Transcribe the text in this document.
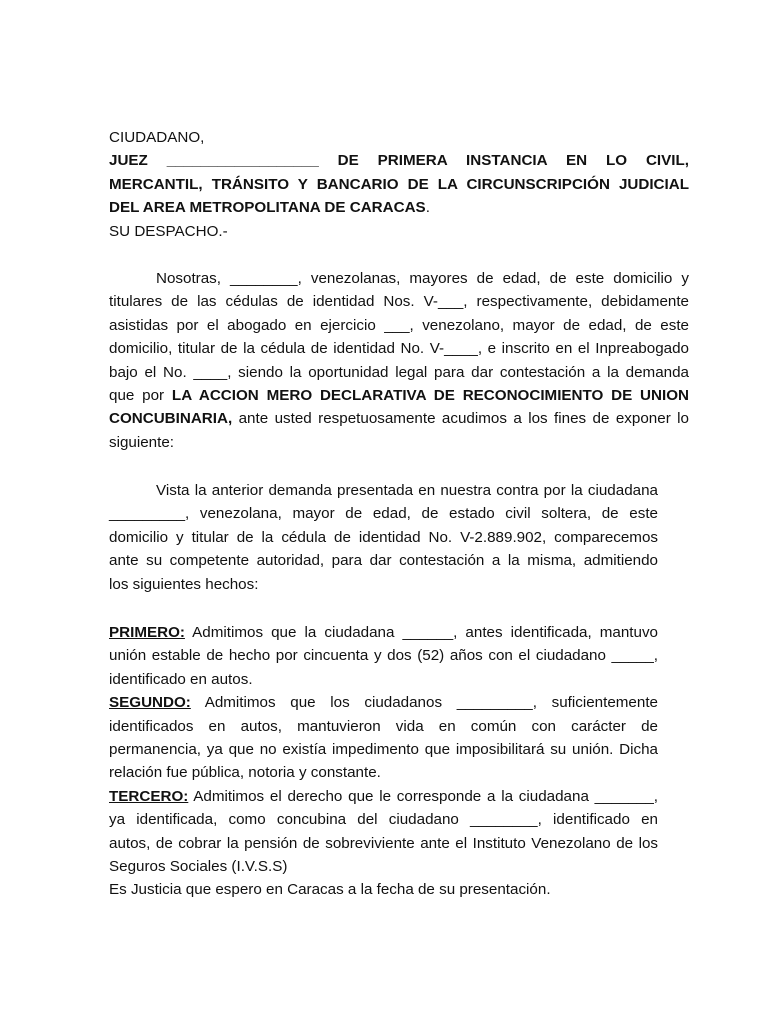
CIUDADANO,
JUEZ __________________ DE PRIMERA INSTANCIA EN LO CIVIL,
MERCANTIL, TRÁNSITO Y BANCARIO DE LA CIRCUNSCRIPCIÓN JUDICIAL
DEL AREA METROPOLITANA DE CARACAS.
SU DESPACHO.-
Nosotras, ________, venezolanas, mayores de edad, de este domicilio y
titulares de las cédulas de identidad Nos. V-___, respectivamente, debidamente
asistidas por el abogado en ejercicio ___, venezolano, mayor de edad, de este
domicilio, titular de la cédula de identidad No. V-____, e inscrito en el Inpreabogado
bajo el No. ____, siendo la oportunidad legal para dar contestación a la demanda
que por LA ACCION MERO DECLARATIVA DE RECONOCIMIENTO DE UNION
CONCUBINARIA, ante usted respetuosamente acudimos a los fines de exponer lo
siguiente:
Vista la anterior demanda presentada en nuestra contra por la ciudadana
_________, venezolana, mayor de edad, de estado civil soltera, de este
domicilio y titular de la cédula de identidad No. V-2.889.902, comparecemos
ante su competente autoridad, para dar contestación a la misma, admitiendo
los siguientes hechos:
PRIMERO: Admitimos que la ciudadana ______, antes identificada, mantuvo
unión estable de hecho por cincuenta y dos (52) años con el ciudadano _____,
identificado en autos.
SEGUNDO: Admitimos que los ciudadanos _________, suficientemente
identificados en autos, mantuvieron vida en común con carácter de
permanencia, ya que no existía impedimento que imposibilitará su unión. Dicha
relación fue pública, notoria y constante.
TERCERO: Admitimos el derecho que le corresponde a la ciudadana _______,
ya identificada, como concubina del ciudadano ________, identificado en
autos, de cobrar la pensión de sobreviviente ante el Instituto Venezolano de los
Seguros Sociales (I.V.S.S)
Es Justicia que espero en Caracas a la fecha de su presentación.
